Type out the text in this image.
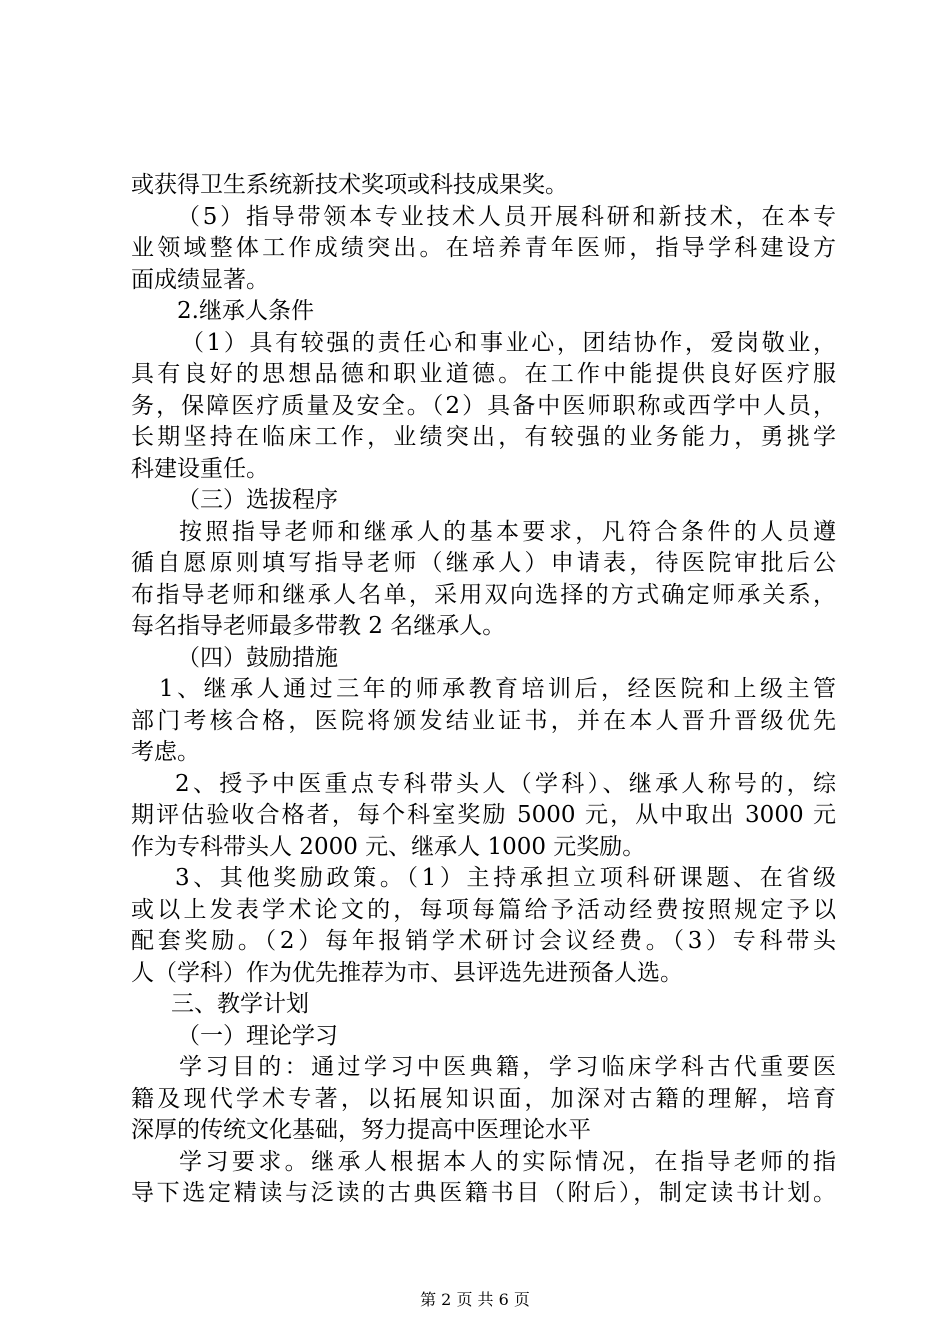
或获得卫生系统新技术奖项或科技成果奖。
（5）指导带领本专业技术人员开展科研和新技术，在本专
业领域整体工作成绩突出。在培养青年医师，指导学科建设方
面成绩显著。
2.继承人条件
（1）具有较强的责任心和事业心，团结协作，爱岗敬业，
具有良好的思想品德和职业道德。在工作中能提供良好医疗服
务，保障医疗质量及安全。（2）具备中医师职称或西学中人员，
长期坚持在临床工作，业绩突出，有较强的业务能力，勇挑学
科建设重任。
（三）选拔程序
按照指导老师和继承人的基本要求，凡符合条件的人员遵
循自愿原则填写指导老师（继承人）申请表，待医院审批后公
布指导老师和继承人名单，采用双向选择的方式确定师承关系，
每名指导老师最多带教 2 名继承人。
（四）鼓励措施
1、继承人通过三年的师承教育培训后，经医院和上级主管
部门考核合格，医院将颁发结业证书，并在本人晋升晋级优先
考虑。
2、授予中医重点专科带头人（学科）、继承人称号的，综
期评估验收合格者，每个科室奖励 5000 元，从中取出 3000 元
作为专科带头人 2000 元、继承人 1000 元奖励。
3、其他奖励政策。（1）主持承担立项科研课题、在省级
或以上发表学术论文的，每项每篇给予活动经费按照规定予以
配套奖励。（2）每年报销学术研讨会议经费。（3）专科带头
人（学科）作为优先推荐为市、县评选先进预备人选。
三、教学计划
（一）理论学习
学习目的：通过学习中医典籍，学习临床学科古代重要医
籍及现代学术专著，以拓展知识面，加深对古籍的理解，培育
深厚的传统文化基础，努力提高中医理论水平
学习要求。继承人根据本人的实际情况，在指导老师的指
导下选定精读与泛读的古典医籍书目（附后），制定读书计划。
第 2 页 共 6 页
